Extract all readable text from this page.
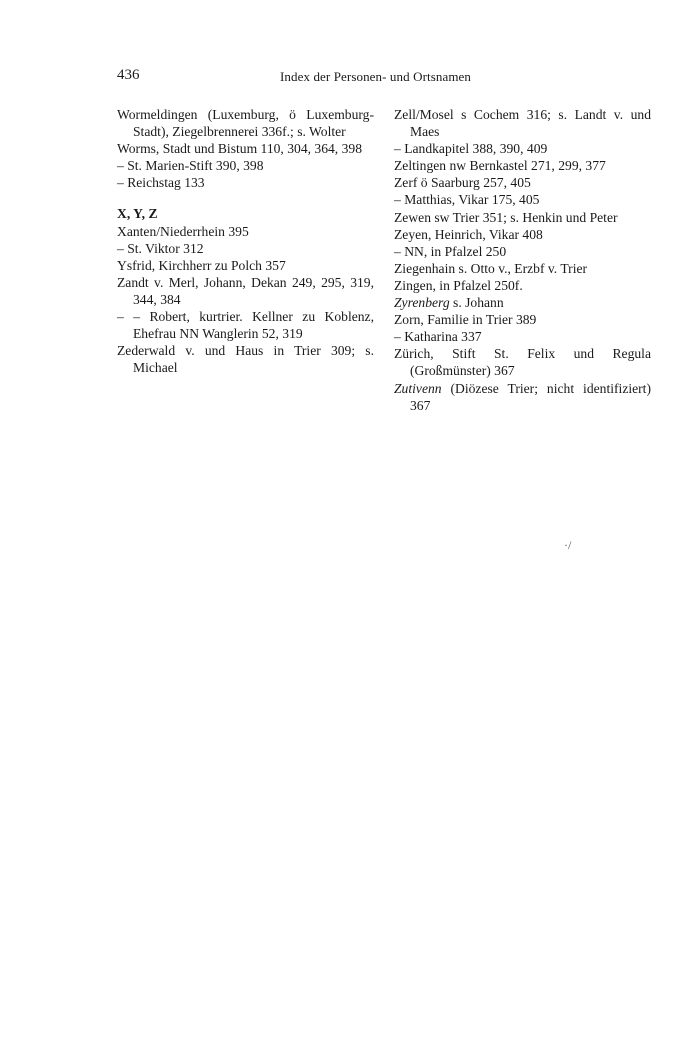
436	Index der Personen- und Ortsnamen
Wormeldingen (Luxemburg, ö Luxemburg-Stadt), Ziegelbrennerei 336f.; s. Wolter
Worms, Stadt und Bistum 110, 304, 364, 398
– St. Marien-Stift 390, 398
– Reichstag 133
X, Y, Z
Xanten/Niederrhein 395
– St. Viktor 312
Ysfrid, Kirchherr zu Polch 357
Zandt v. Merl, Johann, Dekan 249, 295, 319, 344, 384
– – Robert, kurtrier. Kellner zu Koblenz, Ehefrau NN Wanglerin 52, 319
Zederwald v. und Haus in Trier 309; s. Michael
Zell/Mosel s Cochem 316; s. Landt v. und Maes
– Landkapitel 388, 390, 409
Zeltingen nw Bernkastel 271, 299, 377
Zerf ö Saarburg 257, 405
– Matthias, Vikar 175, 405
Zewen sw Trier 351; s. Henkin und Peter
Zeyen, Heinrich, Vikar 408
– NN, in Pfalzel 250
Ziegenhain s. Otto v., Erzbf v. Trier
Zingen, in Pfalzel 250f.
Zyrenberg s. Johann
Zorn, Familie in Trier 389
– Katharina 337
Zürich, Stift St. Felix und Regula (Großmünster) 367
Zutivenn (Diözese Trier; nicht identifiziert) 367
·/
